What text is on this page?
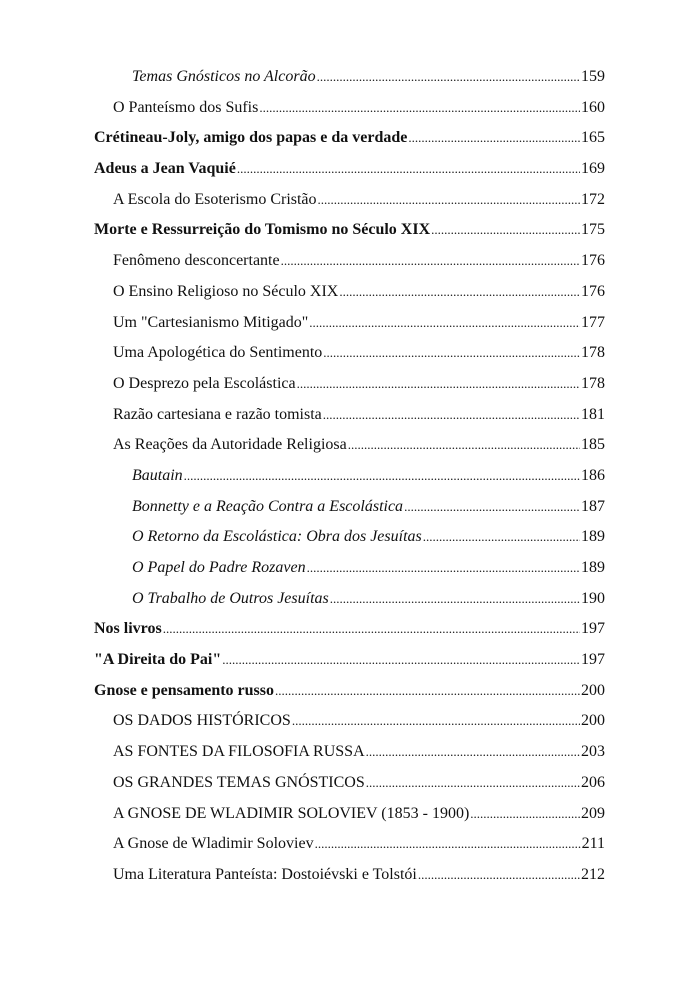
Temas Gnósticos no Alcorão .....	159
O Panteísmo dos Sufis .....	160
Crétineau-Joly, amigo dos papas e da verdade .....	165
Adeus a Jean Vaquié .....	169
A Escola do Esoterismo Cristão .....	172
Morte e Ressurreição do Tomismo no Século XIX .....	175
Fenômeno desconcertante .....	176
O Ensino Religioso no Século XIX .....	176
Um "Cartesianismo Mitigado" .....	177
Uma Apologética do Sentimento .....	178
O Desprezo pela Escolástica .....	178
Razão cartesiana e razão tomista .....	181
As Reações da Autoridade Religiosa .....	185
Bautain .....	186
Bonnetty e a Reação Contra a Escolástica .....	187
O Retorno da Escolástica: Obra dos Jesuítas .....	189
O Papel do Padre Rozaven .....	189
O Trabalho de Outros Jesuítas .....	190
Nos livros .....	197
"A Direita do Pai" .....	197
Gnose e pensamento russo .....	200
OS DADOS HISTÓRICOS .....	200
AS FONTES DA FILOSOFIA RUSSA .....	203
OS GRANDES TEMAS GNÓSTICOS .....	206
A GNOSE DE WLADIMIR SOLOVIEV (1853 - 1900) .....	209
A Gnose de Wladimir Soloviev .....	211
Uma Literatura Panteísta: Dostoiévski e Tolstói .....	212
